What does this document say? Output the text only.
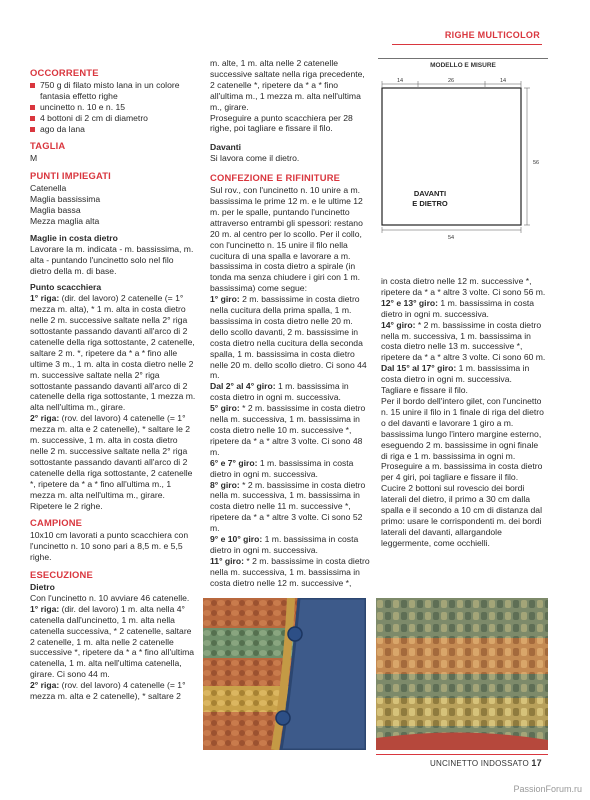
RIGHE MULTICOLOR

OCCORRENTE

750 g di filato misto lana in un colore fantasia effetto righe
uncinetto n. 10 e n. 15
4 bottoni di 2 cm di diametro
ago da lana

TAGLIA

M

PUNTI IMPIEGATI

Catenella

Maglia bassissima

Maglia bassa

Mezza maglia alta

Maglie in costa dietro

Lavorare la m. indicata - m. bassissima, m. alta - puntando l'uncinetto solo nel filo dietro della m. di base.

Punto scacchiera

1° riga: (dir. del lavoro) 2 catenelle (= 1° mezza m. alta), * 1 m. alta in costa dietro nelle 2 m. successive saltate nella 2° riga sottostante passando davanti all'arco di 2 catenelle della riga sottostante, 2 catenelle, saltare 2 m. *, ripetere da * a * fino alle ultime 3 m., 1 m. alta in costa dietro nelle 2 m. successive saltate nella 2° riga sottostante passando davanti all'arco di 2 catenelle della riga sottostante, 1 mezza m. alta nell'ultima m., girare.

2° riga: (rov. del lavoro) 4 catenelle (= 1° mezza m. alta e 2 catenelle), * saltare le 2 m. successive, 1 m. alta in costa dietro nelle 2 m. successive saltate nella 2° riga sottostante passando davanti all'arco di 2 catenelle della riga sottostante, 2 catenelle *, ripetere da * a * fino all'ultima m., 1 mezza m. alta nell'ultima m., girare.

Ripetere le 2 righe.

CAMPIONE

10x10 cm lavorati a punto scacchiera con l'uncinetto n. 10 sono pari a 8,5 m. e 5,5 righe.

ESECUZIONE

Dietro

Con l'uncinetto n. 10 avviare 46 catenelle.

1° riga: (dir. del lavoro) 1 m. alta nella 4° catenella dall'uncinetto, 1 m. alta nella catenella successiva, * 2 catenelle, saltare 2 catenelle, 1 m. alta nelle 2 catenelle successive *, ripetere da * a * fino all'ultima catenella, 1 m. alta nell'ultima catenella, girare. Ci sono 44 m.

2° riga: (rov. del lavoro) 4 catenelle (= 1° mezza m. alta e 2 catenelle), * saltare 2

m. alte, 1 m. alta nelle 2 catenelle successive saltate nella riga precedente, 2 catenelle *, ripetere da * a * fino all'ultima m., 1 mezza m. alta nell'ultima m., girare.

Proseguire a punto scacchiera per 28 righe, poi tagliare e fissare il filo.

Davanti

Si lavora come il dietro.

CONFEZIONE E RIFINITURE

Sul rov., con l'uncinetto n. 10 unire a m. bassissima le prime 12 m. e le ultime 12 m. per le spalle, puntando l'uncinetto attraverso entrambi gli spessori: restano 20 m. al centro per lo scollo. Per il collo, con l'uncinetto n. 15 unire il filo nella cucitura di una spalla e lavorare a m. bassissima in costa dietro a spirale (in tonda ma senza chiudere i giri con 1 m. bassissima) come segue:

1° giro: 2 m. bassissime in costa dietro nella cucitura della prima spalla, 1 m. bassissima in costa dietro nelle 20 m. dello scollo davanti, 2 m. bassissime in costa dietro nella cucitura della seconda spalla, 1 m. bassissima in costa dietro nelle 20 m. dello scollo dietro. Ci sono 44 m.

Dal 2° al 4° giro: 1 m. bassissima in costa dietro in ogni m. successiva.

5° giro: * 2 m. bassissime in costa dietro nella m. successiva, 1 m. bassissima in costa dietro nelle 10 m. successive *, ripetere da * a * altre 3 volte. Ci sono 48 m.

6° e 7° giro: 1 m. bassissima in costa dietro in ogni m. successiva.

8° giro: * 2 m. bassissime in costa dietro nella m. successiva, 1 m. bassissima in costa dietro nelle 11 m. successive *, ripetere da * a * altre 3 volte. Ci sono 52 m.

9° e 10° giro: 1 m. bassissima in costa dietro in ogni m. successiva.

11° giro: * 2 m. bassissime in costa dietro nella m. successiva, 1 m. bassissima in costa dietro nelle 12 m. successive *,

MODELLO E MISURE
14	26	14
56
54
DAVANTI
E DIETRO

in costa dietro nelle 12 m. successive *, ripetere da * a * altre 3 volte. Ci sono 56 m.

12° e 13° giro: 1 m. bassissima in costa dietro in ogni m. successiva.

14° giro: * 2 m. bassissime in costa dietro nella m. successiva, 1 m. bassissima in costa dietro nelle 13 m. successive *, ripetere da * a * altre 3 volte. Ci sono 60 m.

Dal 15° al 17° giro: 1 m. bassissima in costa dietro in ogni m. successiva.

Tagliare e fissare il filo.

Per il bordo dell'intero gilet, con l'uncinetto n. 15 unire il filo in 1 finale di riga del dietro o del davanti e lavorare 1 giro a m. bassissima lungo l'intero margine esterno, eseguendo 2 m. bassissime in ogni finale di riga e 1 m. bassissima in ogni m. Proseguire a m. bassissima in costa dietro per 4 giri, poi tagliare e fissare il filo.

Cucire 2 bottoni sul rovescio dei bordi laterali del dietro, il primo a 30 cm dalla spalla e il secondo a 10 cm di distanza dal primo: usare le corrispondenti m. dei bordi laterali del davanti, allargandole leggermente, come occhielli.

UNCINETTO INDOSSATO 17
PassionForum.ru
